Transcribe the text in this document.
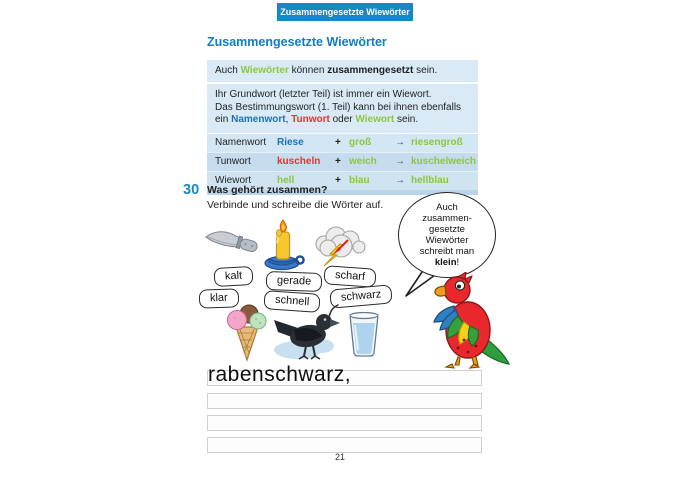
Zusammengesetzte Wiewörter
Zusammengesetzte Wiewörter
Auch Wiewörter können zusammengesetzt sein.
Ihr Grundwort (letzter Teil) ist immer ein Wiewort.
Das Bestimmungswort (1. Teil) kann bei ihnen ebenfalls
ein Namenwort, Tunwort oder Wiewort sein.
Namenwort	Riese	+ groß	→ riesengroß
Tunwort	kuscheln	+ weich	→ kuschelweich
Wiewort	hell	+ blau	→ hellblau
30 Was gehört zusammen?
Verbinde und schreibe die Wörter auf.
kalt	gerade	scharf
klar	schnell	schwarz
Auch
zusammen-
gesetzte
Wiewörter
schreibt man
klein!
rabenschwarz,
21
